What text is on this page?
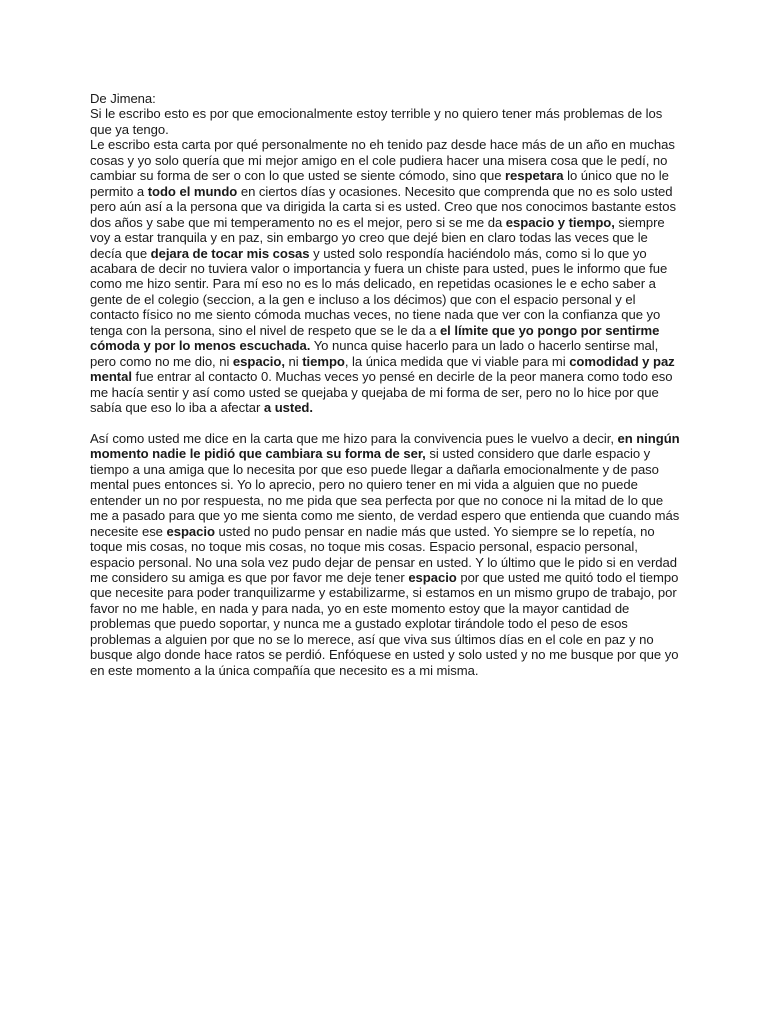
De Jimena:

Si le escribo esto es por que emocionalmente estoy terrible y no quiero tener más problemas de los que ya tengo.

Le escribo esta carta por qué personalmente no eh tenido paz desde hace más de un año en muchas cosas y yo solo quería que mi mejor amigo en el cole pudiera hacer una misera cosa que le pedí, no cambiar su forma de ser o con lo que usted se siente cómodo, sino que respetara lo único que no le permito a todo el mundo en ciertos días y ocasiones. Necesito que comprenda que no es solo usted pero aún así a la persona que va dirigida la carta si es usted. Creo que nos conocimos bastante estos dos años y sabe que mi temperamento no es el mejor, pero si se me da espacio y tiempo, siempre voy a estar tranquila y en paz, sin embargo yo creo que dejé bien en claro todas las veces que le decía que dejara de tocar mis cosas y usted solo respondía haciéndolo más, como si lo que yo acabara de decir no tuviera valor o importancia y fuera un chiste para usted, pues le informo que fue como me hizo sentir. Para mí eso no es lo más delicado, en repetidas ocasiones le e echo saber a gente de el colegio (seccion, a la gen e incluso a los décimos) que con el espacio personal y el contacto físico no me siento cómoda muchas veces, no tiene nada que ver con la confianza que yo tenga con la persona, sino el nivel de respeto que se le da a el límite que yo pongo por sentirme cómoda y por lo menos escuchada. Yo nunca quise hacerlo para un lado o hacerlo sentirse mal, pero como no me dio, ni espacio, ni tiempo, la única medida que vi viable para mi comodidad y paz mental fue entrar al contacto 0. Muchas veces yo pensé en decirle de la peor manera como todo eso me hacía sentir y así como usted se quejaba y quejaba de mi forma de ser, pero no lo hice por que sabía que eso lo iba a afectar a usted.

Así como usted me dice en la carta que me hizo para la convivencia pues le vuelvo a decir, en ningún momento nadie le pidió que cambiara su forma de ser, si usted considero que darle espacio y tiempo a una amiga que lo necesita por que eso puede llegar a dañarla emocionalmente y de paso mental pues entonces si. Yo lo aprecio, pero no quiero tener en mi vida a alguien que no puede entender un no por respuesta, no me pida que sea perfecta por que no conoce ni la mitad de lo que me a pasado para que yo me sienta como me siento, de verdad espero que entienda que cuando más necesite ese espacio usted no pudo pensar en nadie más que usted. Yo siempre se lo repetía, no toque mis cosas, no toque mis cosas, no toque mis cosas. Espacio personal, espacio personal, espacio personal. No una sola vez pudo dejar de pensar en usted. Y lo último que le pido si en verdad me considero su amiga es que por favor me deje tener espacio por que usted me quitó todo el tiempo que necesite para poder tranquilizarme y estabilizarme, si estamos en un mismo grupo de trabajo, por favor no me hable, en nada y para nada, yo en este momento estoy que la mayor cantidad de problemas que puedo soportar, y nunca me a gustado explotar tirándole todo el peso de esos problemas a alguien por que no se lo merece, así que viva sus últimos días en el cole en paz y no busque algo donde hace ratos se perdió. Enfóquese en usted y solo usted y no me busque por que yo en este momento a la única compañía que necesito es a mi misma.
